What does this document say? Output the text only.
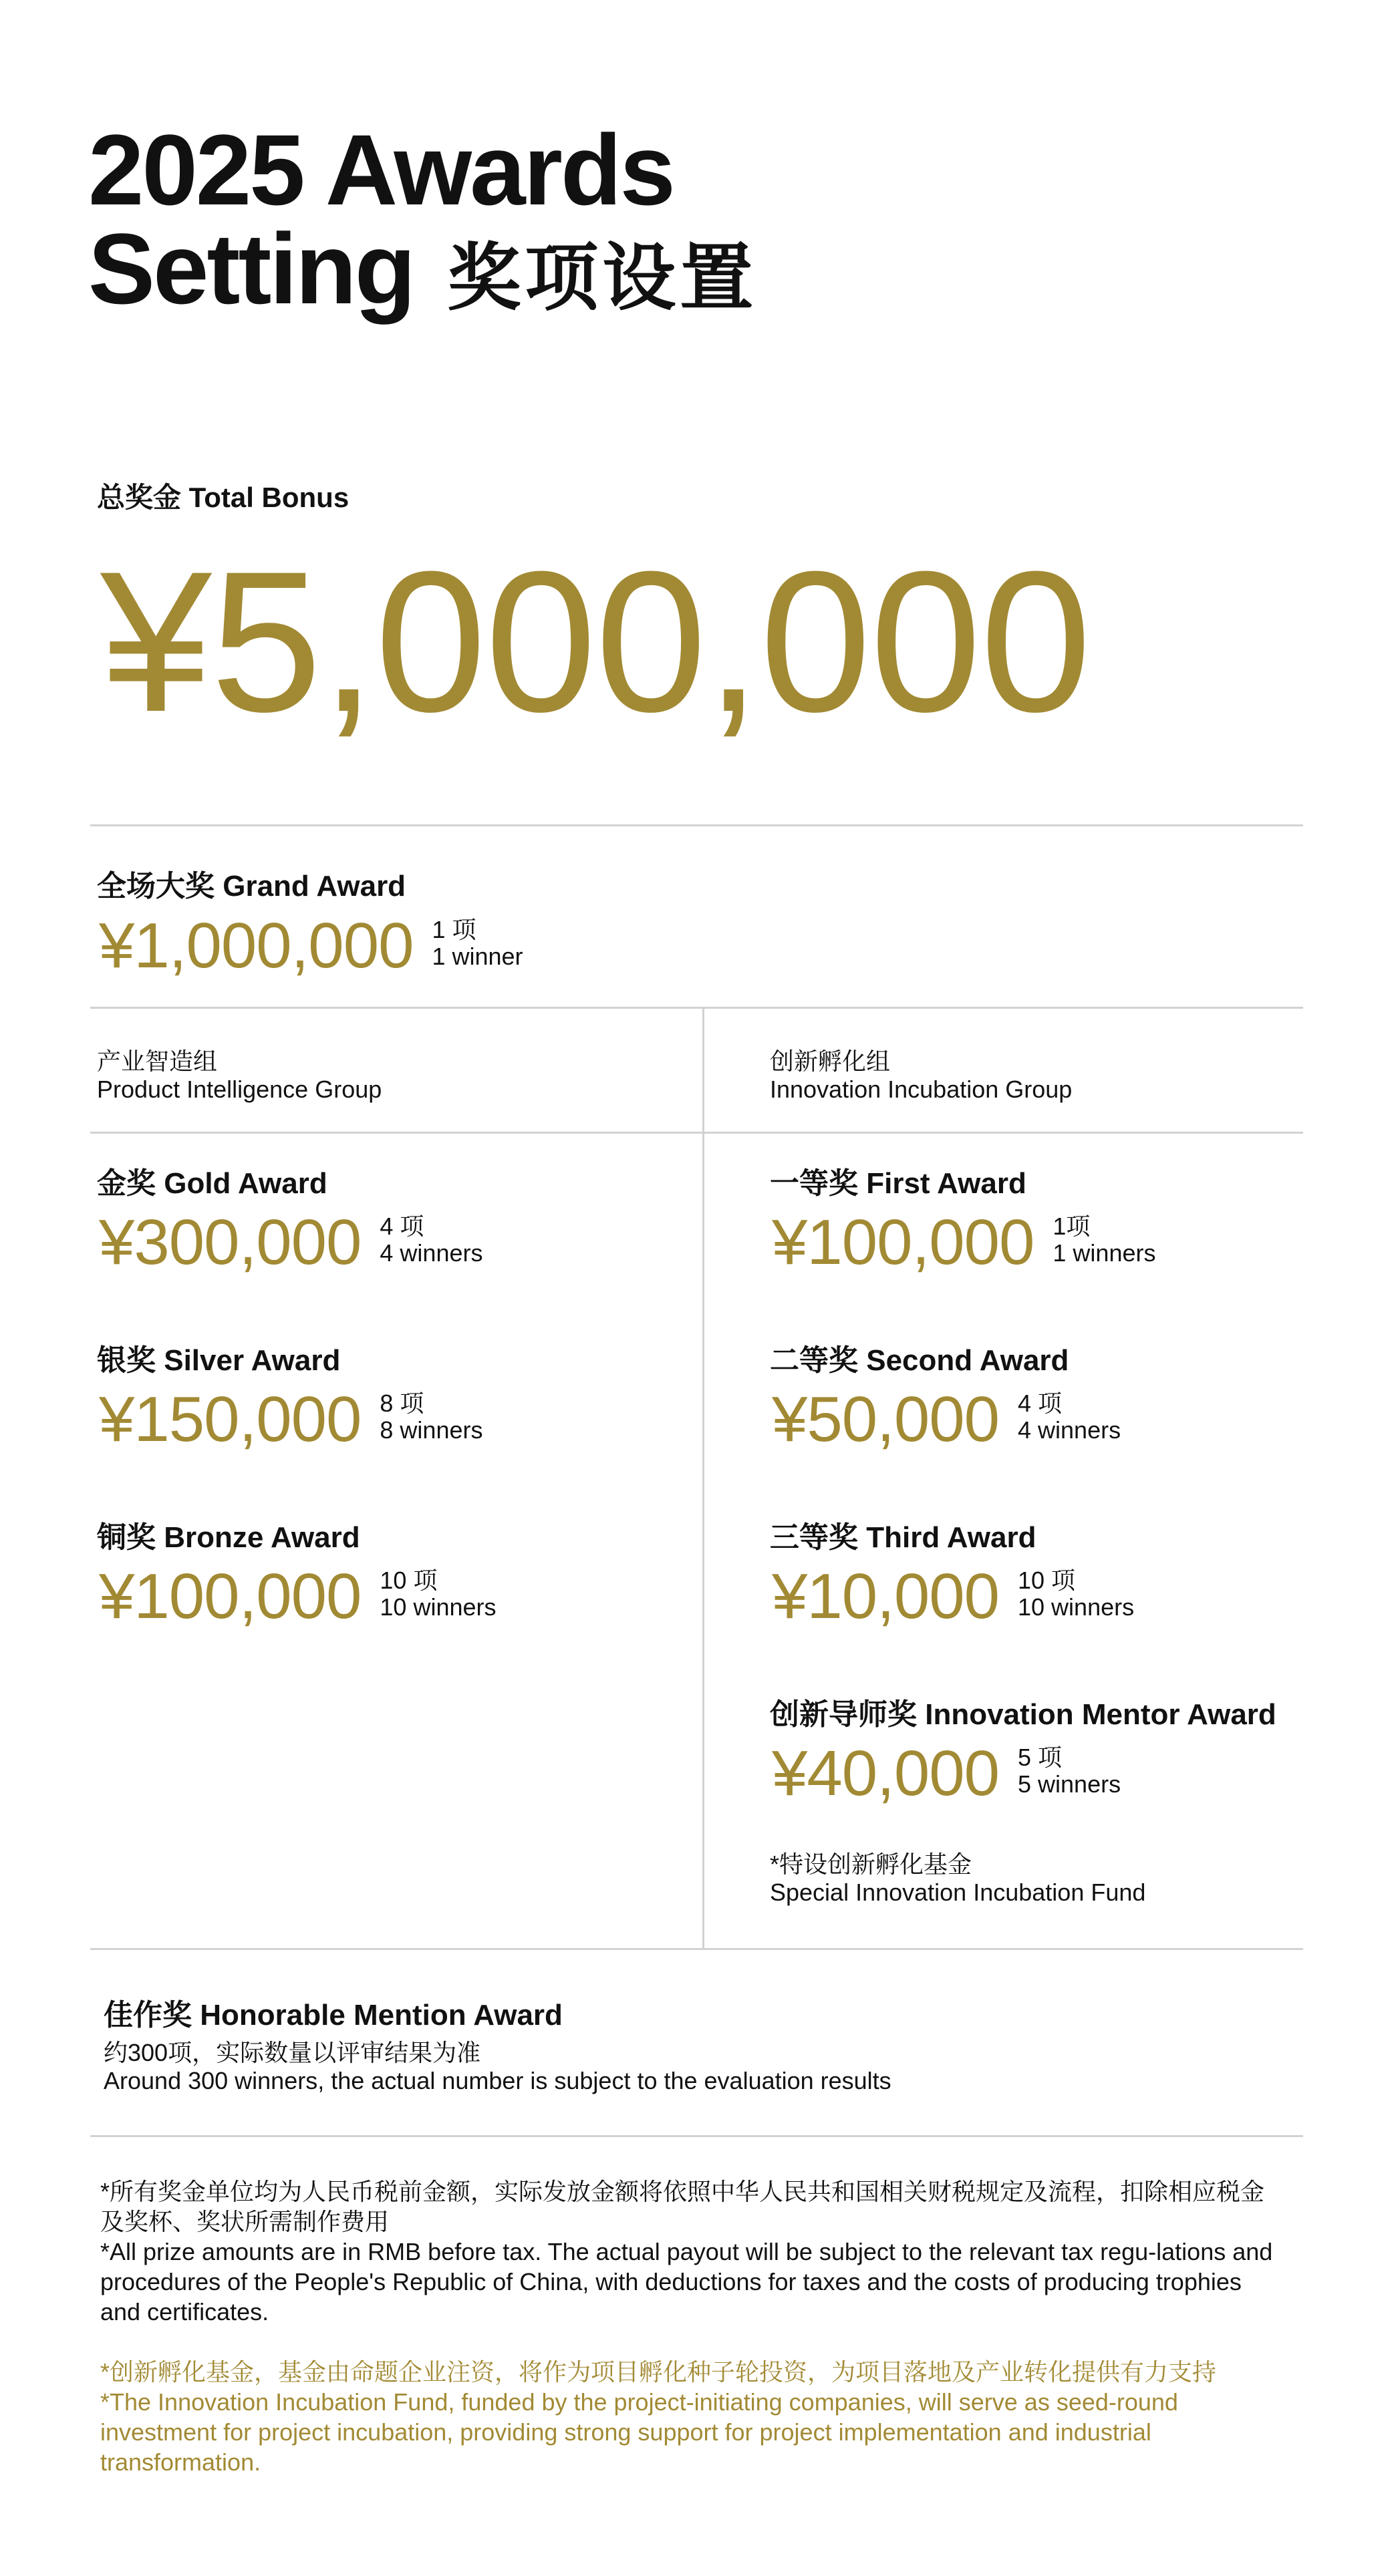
2025 Awards
Setting 奖项设置
总奖金 Total Bonus
¥5,000,000
全场大奖 Grand Award
¥1,000,000 1 项
1 winner
产业智造组
Product Intelligence Group
创新孵化组
Innovation Incubation Group
金奖 Gold Award
¥300,000 4 项
4 winners
银奖 Silver Award
¥150,000 8 项
8 winners
铜奖 Bronze Award
¥100,000 10 项
10 winners
一等奖 First Award
¥100,000 1项
1 winners
二等奖 Second Award
¥50,000 4 项
4 winners
三等奖 Third Award
¥10,000 10 项
10 winners
创新导师奖 Innovation Mentor Award
¥40,000 5 项
5 winners
*特设创新孵化基金
Special Innovation Incubation Fund
佳作奖 Honorable Mention Award
约300项，实际数量以评审结果为准
Around 300 winners, the actual number is subject to the evaluation results
*所有奖金单位均为人民币税前金额，实际发放金额将依照中华人民共和国相关财税规定及流程，扣除相应税金及奖杯、奖状所需制作费用
*All prize amounts are in RMB before tax. The actual payout will be subject to the relevant tax regu-lations and procedures of the People's Republic of China, with deductions for taxes and the costs of producing trophies and certificates.
*创新孵化基金，基金由命题企业注资，将作为项目孵化种子轮投资，为项目落地及产业转化提供有力支持
*The Innovation Incubation Fund, funded by the project-initiating companies, will serve as seed-round investment for project incubation, providing strong support for project implementation and industrial transformation.
